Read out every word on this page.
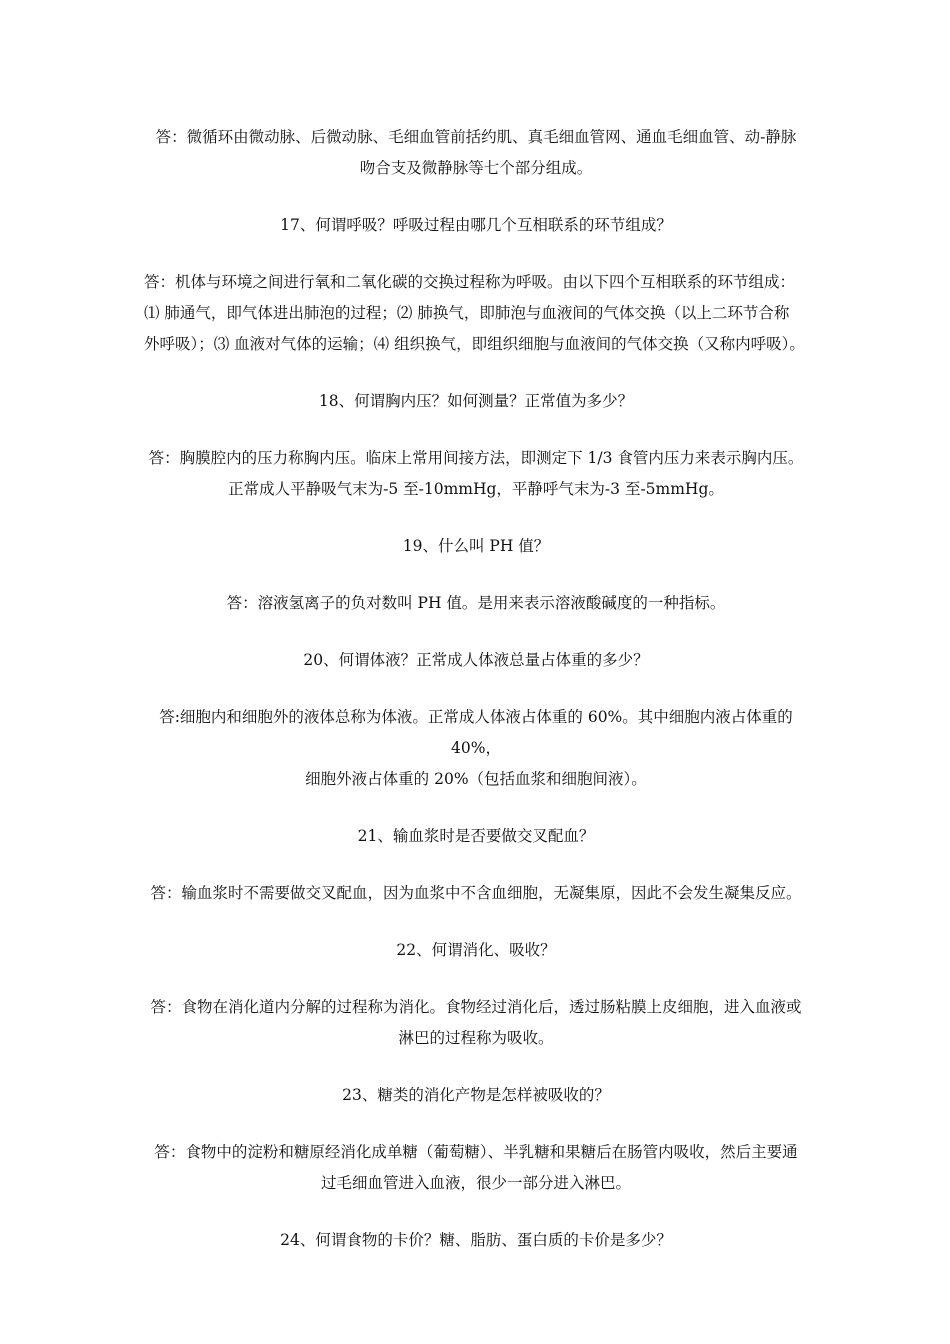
答：微循环由微动脉、后微动脉、毛细血管前括约肌、真毛细血管网、通血毛细血管、动-静脉
吻合支及微静脉等七个部分组成。

17、何谓呼吸？呼吸过程由哪几个互相联系的环节组成？

答：机体与环境之间进行氧和二氧化碳的交换过程称为呼吸。由以下四个互相联系的环节组成：
⑴ 肺通气，即气体进出肺泡的过程；⑵ 肺换气，即肺泡与血液间的气体交换（以上二环节合称
外呼吸）；⑶ 血液对气体的运输；⑷ 组织换气，即组织细胞与血液间的气体交换（又称内呼吸）。

18、何谓胸内压？如何测量？正常值为多少？

答：胸膜腔内的压力称胸内压。临床上常用间接方法，即测定下 1/3 食管内压力来表示胸内压。
正常成人平静吸气末为-5 至-10mmHg，平静呼气末为-3 至-5mmHg。

19、什么叫 PH 值？

答：溶液氢离子的负对数叫 PH 值。是用来表示溶液酸碱度的一种指标。

20、何谓体液？正常成人体液总量占体重的多少？

答:细胞内和细胞外的液体总称为体液。正常成人体液占体重的 60%。其中细胞内液占体重的 40%，
细胞外液占体重的 20%（包括血浆和细胞间液）。

21、输血浆时是否要做交叉配血？

答：输血浆时不需要做交叉配血，因为血浆中不含血细胞，无凝集原，因此不会发生凝集反应。

22、何谓消化、吸收？

答：食物在消化道内分解的过程称为消化。食物经过消化后，透过肠粘膜上皮细胞，进入血液或
淋巴的过程称为吸收。

23、糖类的消化产物是怎样被吸收的？

答：食物中的淀粉和糖原经消化成单糖（葡萄糖）、半乳糖和果糖后在肠管内吸收，然后主要通
过毛细血管进入血液，很少一部分进入淋巴。

24、何谓食物的卡价？糖、脂肪、蛋白质的卡价是多少？
